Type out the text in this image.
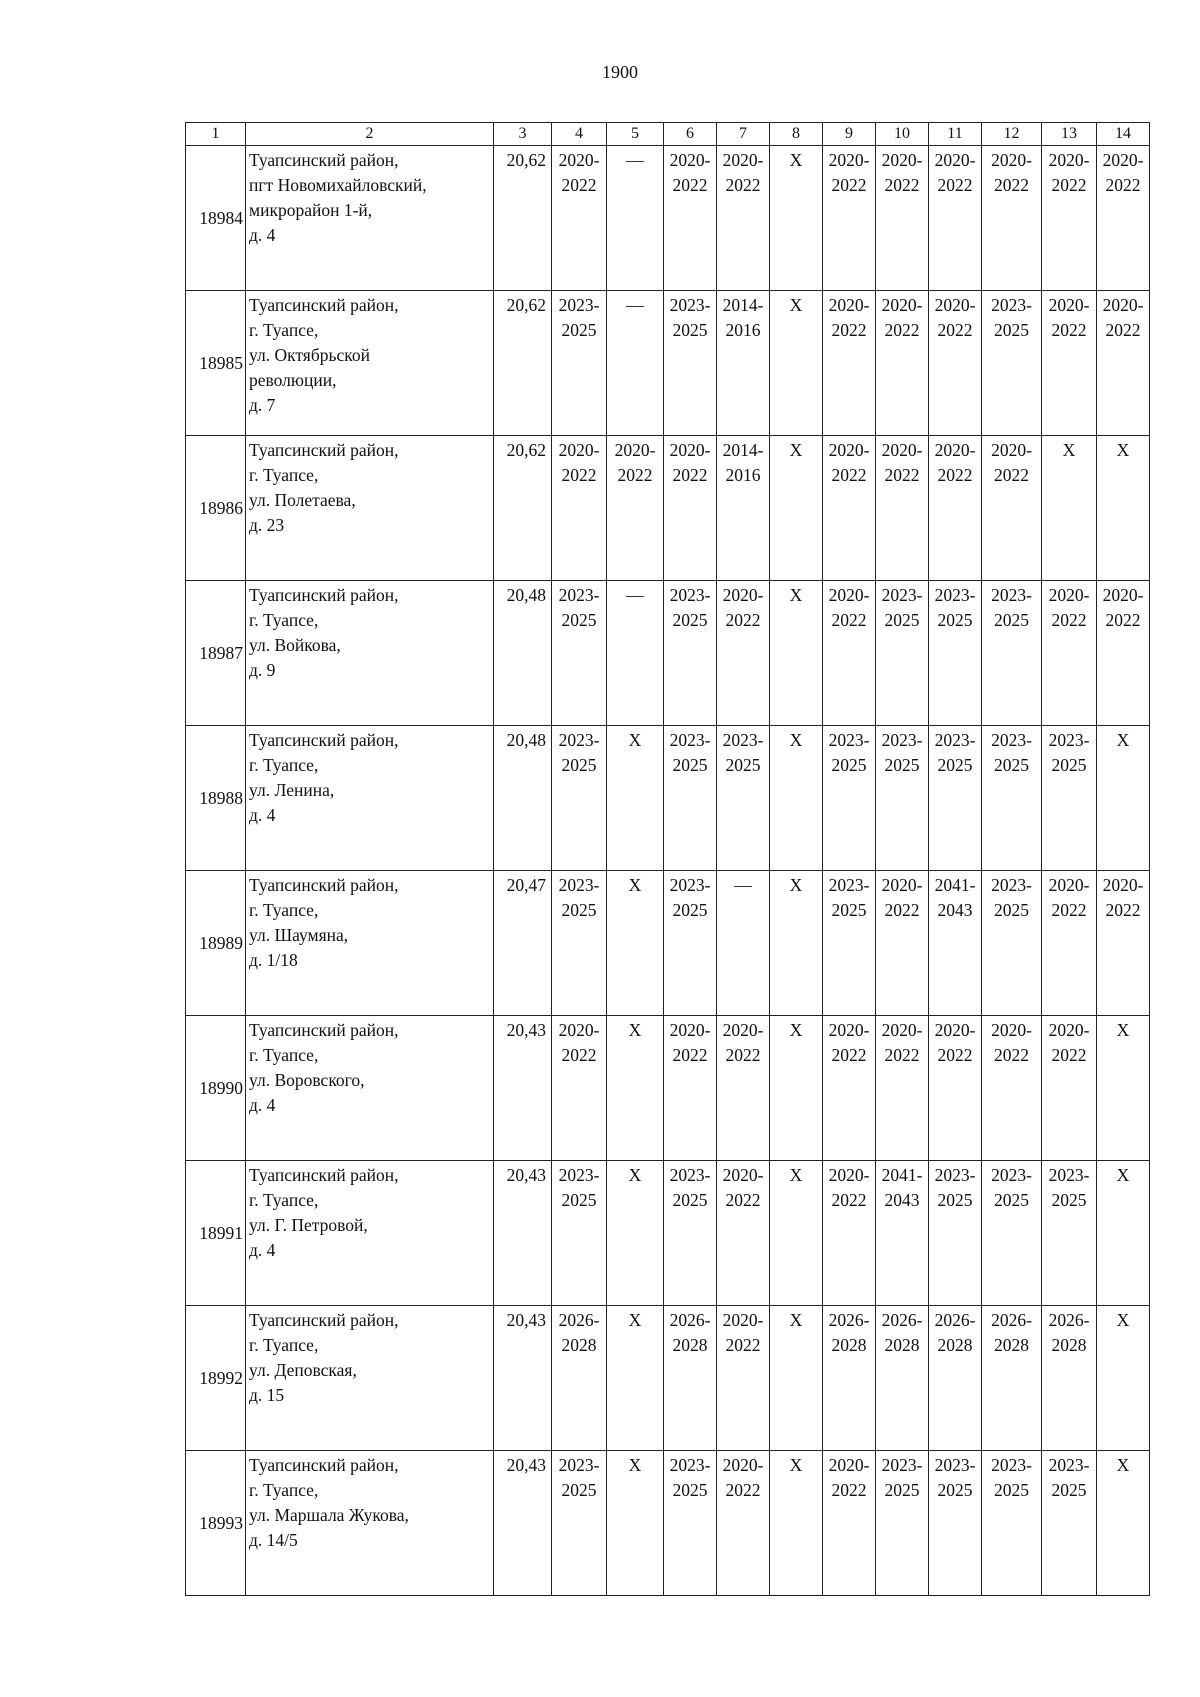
1900
1	2	3	4	5	6	7	8	9	10	11	12	13	14
18984	Туапсинский район,
пгт Новомихайловский,
микрорайон 1-й,
д. 4	20,62	2020-
2022	—	2020-
2022	2020-
2022	Х	2020-
2022	2020-
2022	2020-
2022	2020-
2022	2020-
2022	2020-
2022

18985	Туапсинский район,
г. Туапсе,
ул. Октябрьской
революции,
д. 7	20,62	2023-
2025	—	2023-
2025	2014-
2016	Х	2020-
2022	2020-
2022	2020-
2022	2023-
2025	2020-
2022	2020-
2022

18986	Туапсинский район,
г. Туапсе,
ул. Полетаева,
д. 23	20,62	2020-
2022	2020-
2022	2020-
2022	2014-
2016	Х	2020-
2022	2020-
2022	2020-
2022	2020-
2022	Х	Х

18987	Туапсинский район,
г. Туапсе,
ул. Войкова,
д. 9	20,48	2023-
2025	—	2023-
2025	2020-
2022	Х	2020-
2022	2023-
2025	2023-
2025	2023-
2025	2020-
2022	2020-
2022

18988	Туапсинский район,
г. Туапсе,
ул. Ленина,
д. 4	20,48	2023-
2025	Х	2023-
2025	2023-
2025	Х	2023-
2025	2023-
2025	2023-
2025	2023-
2025	2023-
2025	Х

18989	Туапсинский район,
г. Туапсе,
ул. Шаумяна,
д. 1/18	20,47	2023-
2025	Х	2023-
2025	—	Х	2023-
2025	2020-
2022	2041-
2043	2023-
2025	2020-
2022	2020-
2022

18990	Туапсинский район,
г. Туапсе,
ул. Воровского,
д. 4	20,43	2020-
2022	Х	2020-
2022	2020-
2022	Х	2020-
2022	2020-
2022	2020-
2022	2020-
2022	2020-
2022	Х

18991	Туапсинский район,
г. Туапсе,
ул. Г. Петровой,
д. 4	20,43	2023-
2025	Х	2023-
2025	2020-
2022	Х	2020-
2022	2041-
2043	2023-
2025	2023-
2025	2023-
2025	Х

18992	Туапсинский район,
г. Туапсе,
ул. Деповская,
д. 15	20,43	2026-
2028	Х	2026-
2028	2020-
2022	Х	2026-
2028	2026-
2028	2026-
2028	2026-
2028	2026-
2028	Х

18993	Туапсинский район,
г. Туапсе,
ул. Маршала Жукова,
д. 14/5	20,43	2023-
2025	Х	2023-
2025	2020-
2022	Х	2020-
2022	2023-
2025	2023-
2025	2023-
2025	2023-
2025	Х
